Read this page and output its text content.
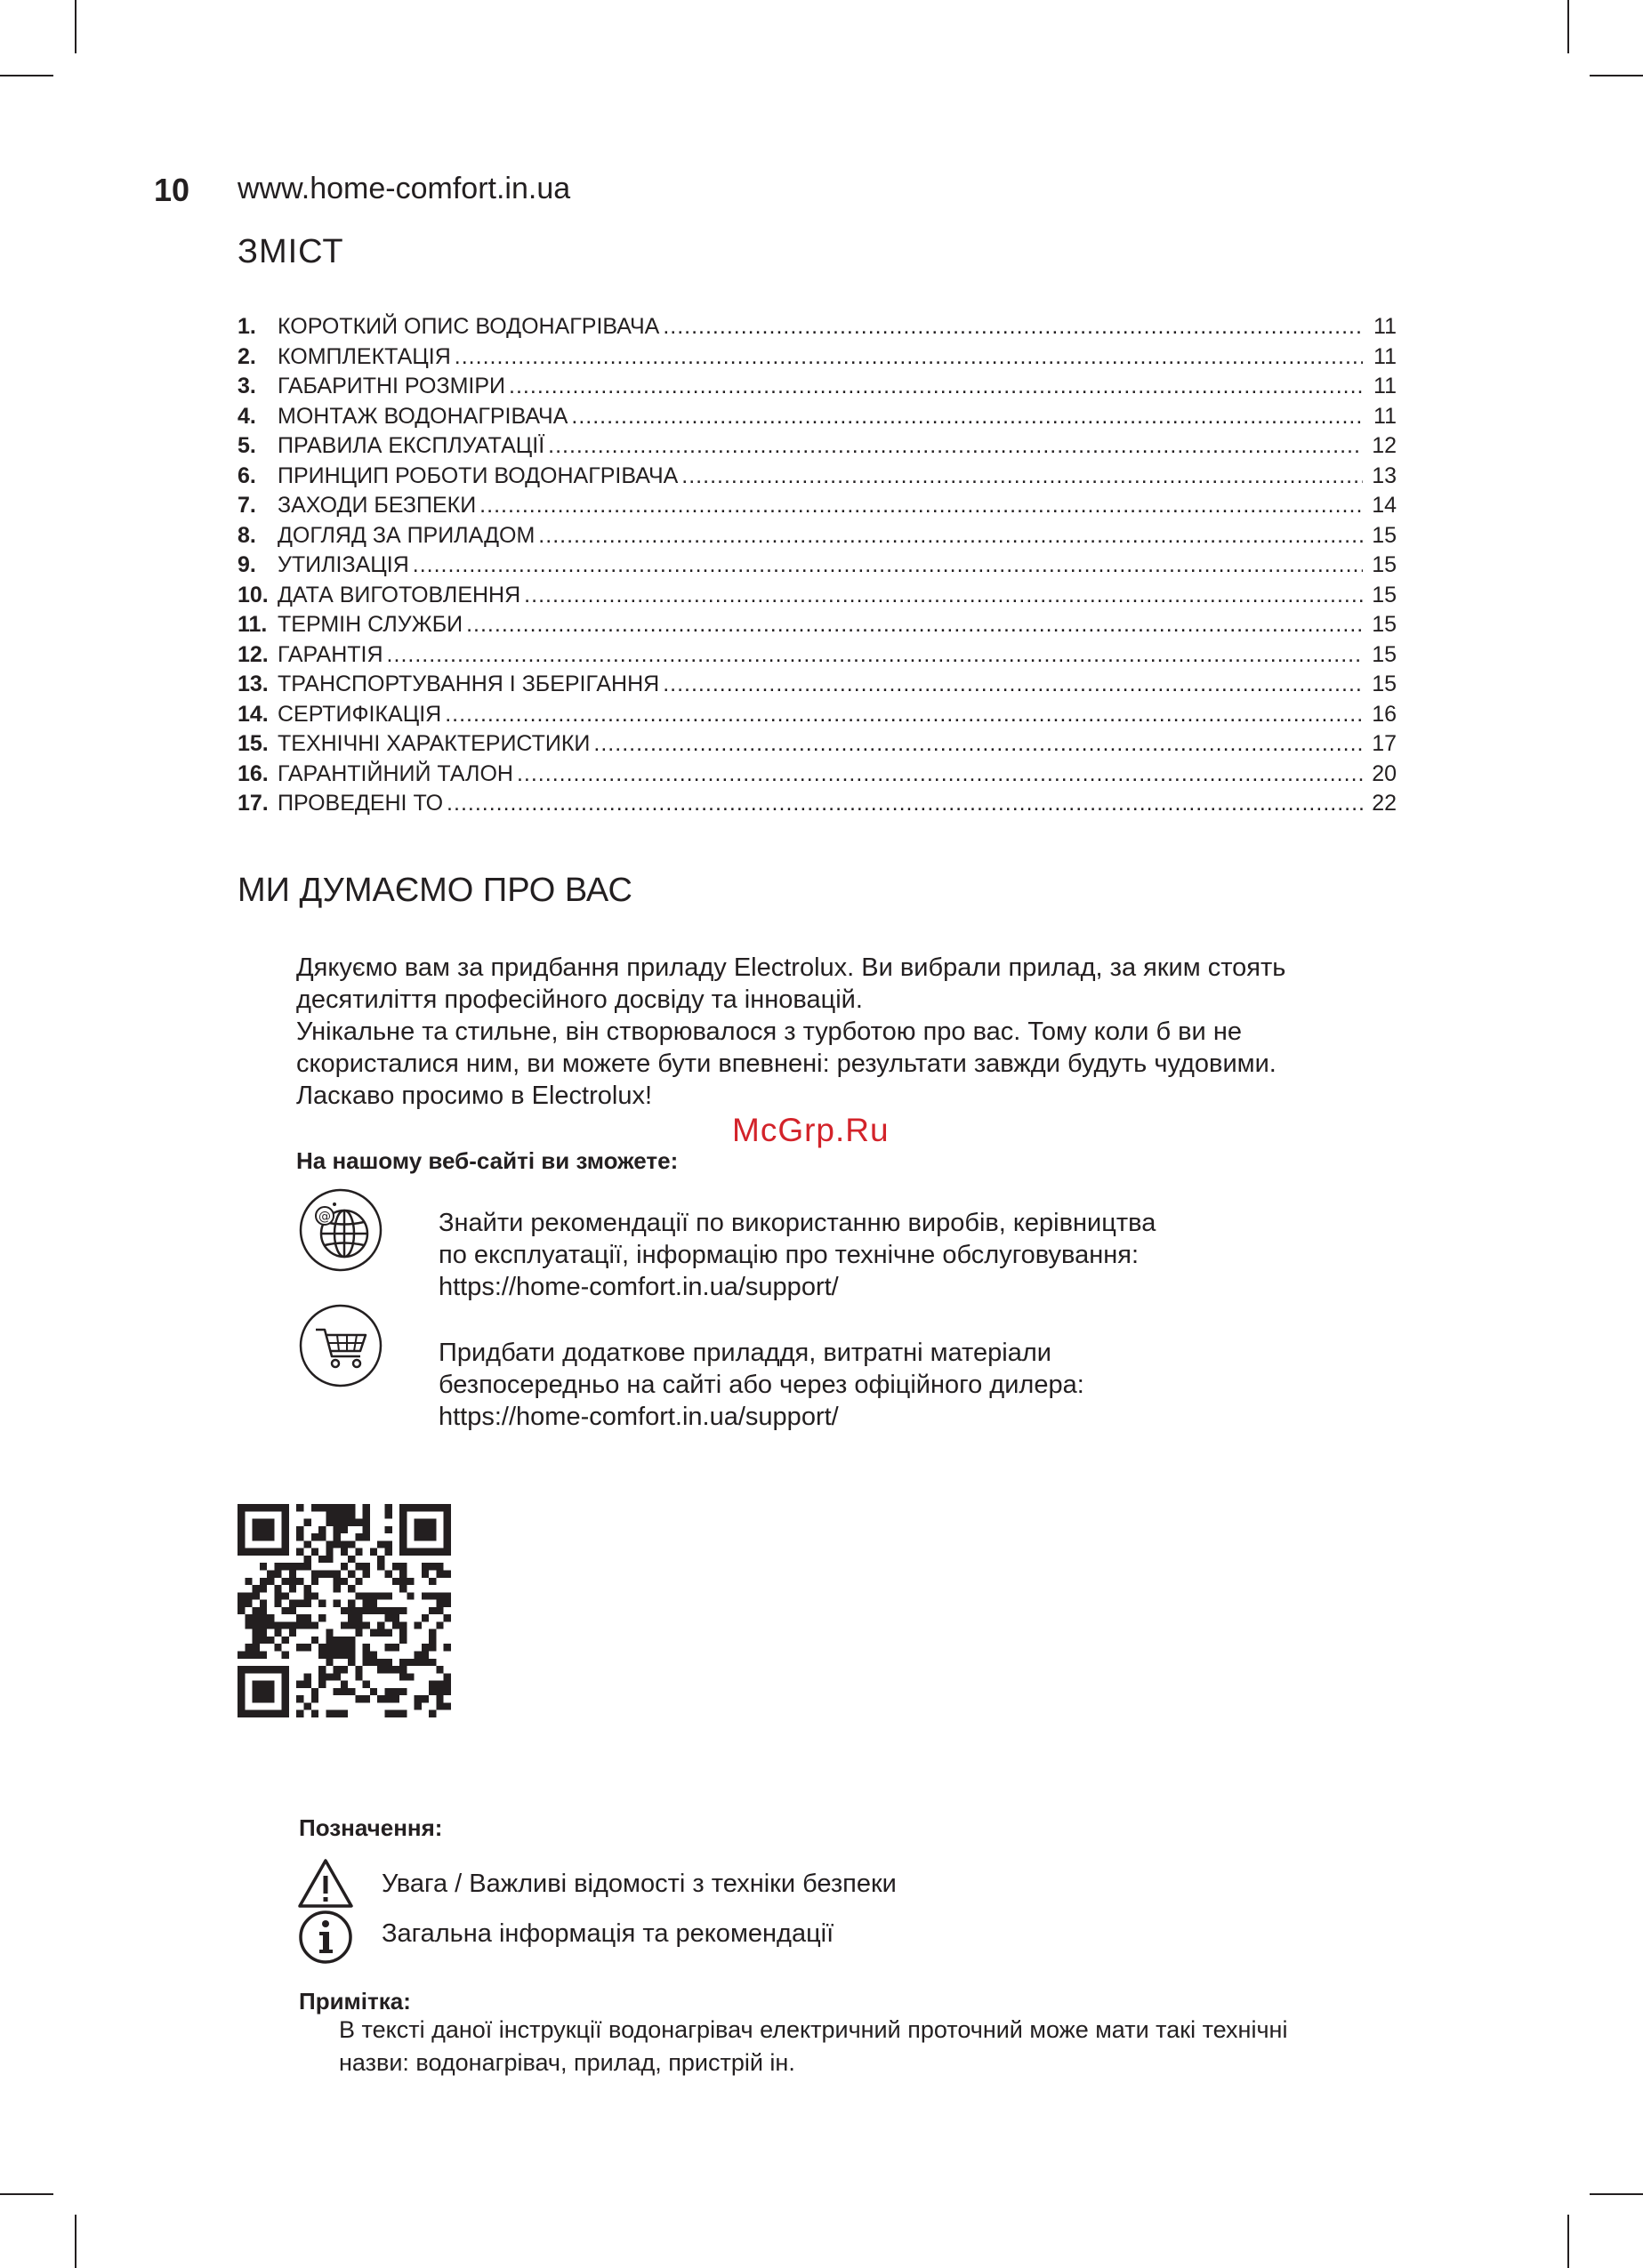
10 www.home-comfort.in.ua
ЗМІСТ
1. КОРОТКИЙ ОПИС ВОДОНАГРІВАЧА .....	11
2. КОМПЛЕКТАЦІЯ .....	11
3. ГАБАРИТНІ РОЗМІРИ .....	11
4. МОНТАЖ ВОДОНАГРІВАЧА .....	11
5. ПРАВИЛА ЕКСПЛУАТАЦІЇ .....	12
6. ПРИНЦИП РОБОТИ ВОДОНАГРІВАЧА .....	13
7. ЗАХОДИ БЕЗПЕКИ .....	14
8. ДОГЛЯД ЗА ПРИЛАДОМ .....	15
9. УТИЛІЗАЦІЯ .....	15
10. ДАТА ВИГОТОВЛЕННЯ .....	15
11. ТЕРМІН СЛУЖБИ .....	15
12. ГАРАНТІЯ .....	15
13. ТРАНСПОРТУВАННЯ І ЗБЕРІГАННЯ .....	15
14. СЕРТИФІКАЦІЯ .....	16
15. ТЕХНІЧНІ ХАРАКТЕРИСТИКИ .....	17
16. ГАРАНТІЙНИЙ ТАЛОН .....	20
17. ПРОВЕДЕНІ ТО .....	22
МИ ДУМАЄМО ПРО ВАС
Дякуємо вам за придбання приладу Electrolux. Ви вибрали прилад, за яким стоять
десятиліття професійного досвіду та інновацій.
Унікальне та стильне, він створювалося з турботою про вас. Тому коли б ви не
скористалися ним, ви можете бути впевнені: результати завжди будуть чудовими.
Ласкаво просимо в Electrolux!
McGrp.Ru
На нашому веб-сайті ви зможете:
@	Знайти рекомендації по використанню виробів, керівництва
по експлуатації, інформацію про технічне обслуговування:
https://home-comfort.in.ua/support/
Придбати додаткове приладдя, витратні матеріали
безпосередньо на сайті або через офіційного дилера:
https://home-comfort.in.ua/support/
Позначення:
Увага / Важливі відомості з техніки безпеки
Загальна інформація та рекомендації
Примітка:
В тексті даної інструкції водонагрівач електричний проточний може мати такі технічні
назви: водонагрівач, прилад, пристрій ін.
